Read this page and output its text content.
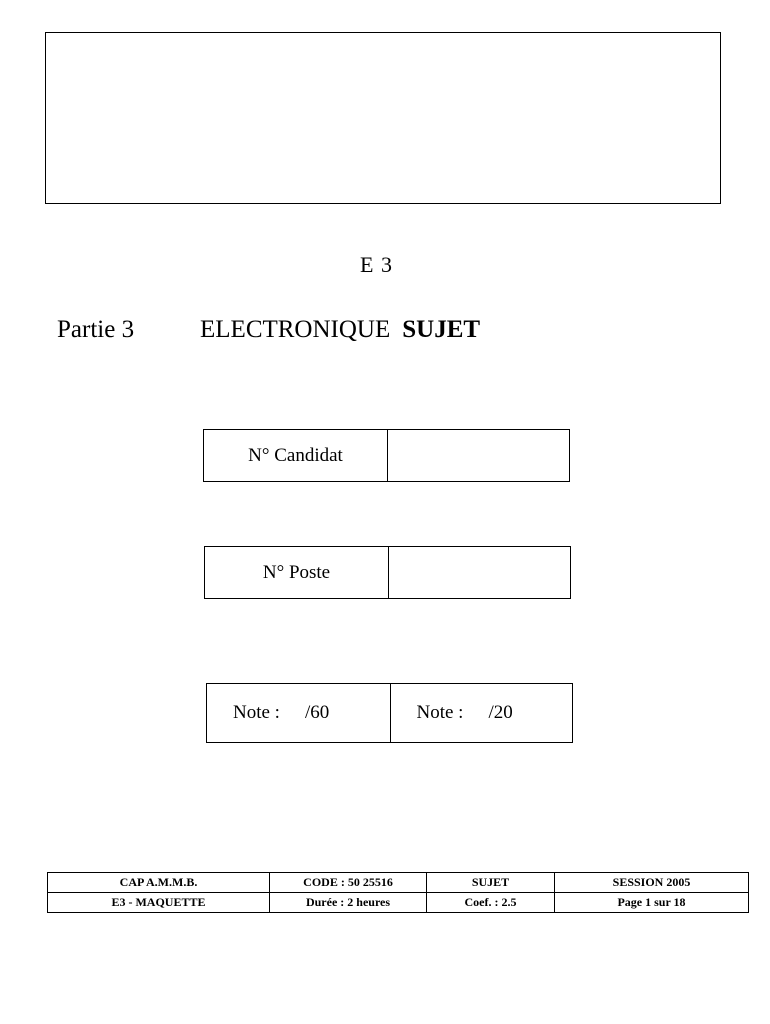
E 3
Partie 3	ELECTRONIQUE SUJET
N° Candidat
N° Poste
Note :	/60	Note :	/20
CAP A.M.M.B.	CODE : 50 25516	SUJET	SESSION 2005
E3 - MAQUETTE	Durée : 2 heures	Coef. : 2.5	Page 1 sur 18
